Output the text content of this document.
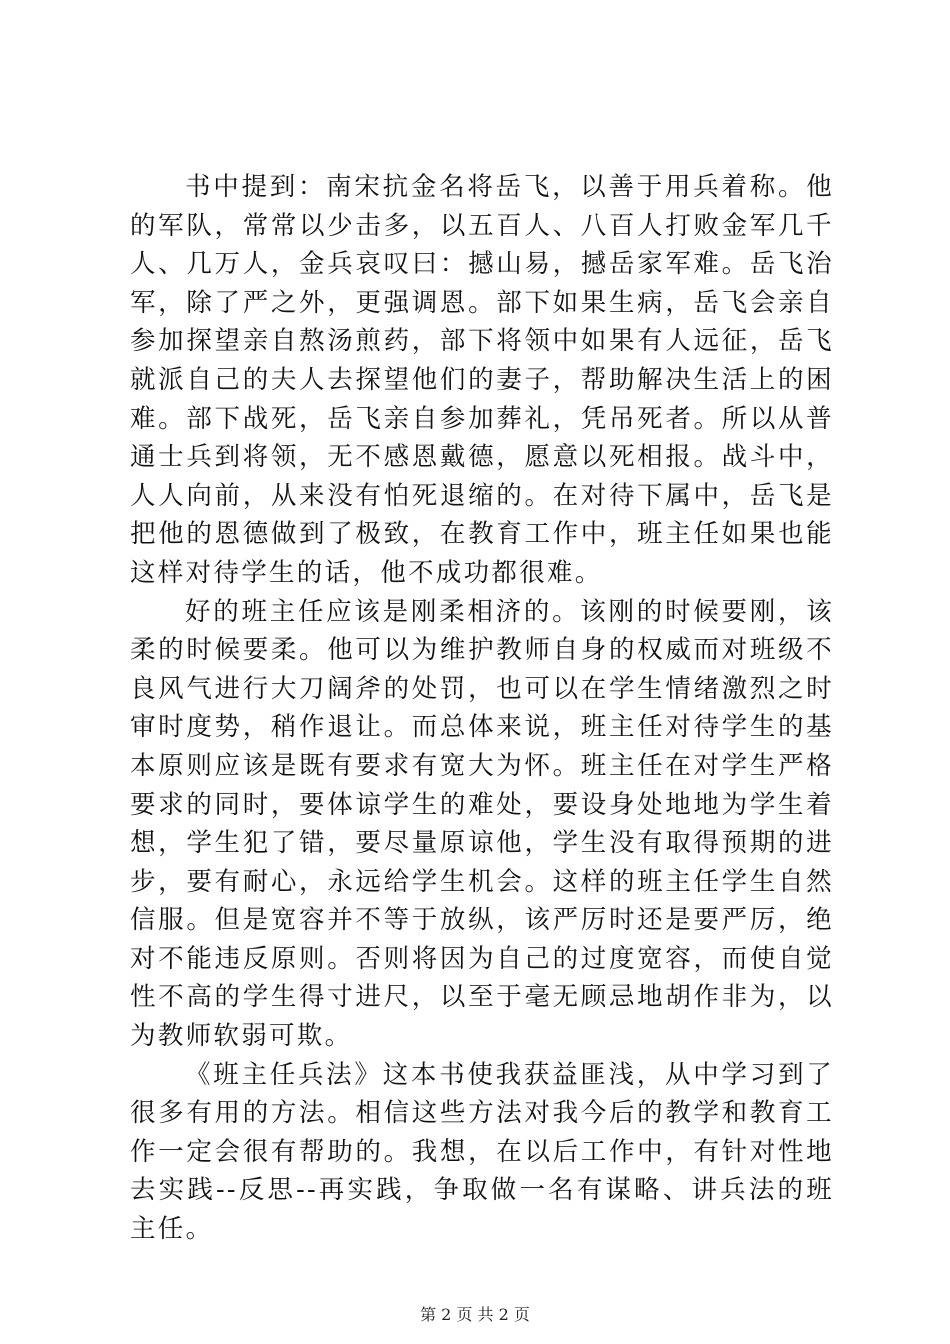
书中提到：南宋抗金名将岳飞，以善于用兵着称。他的军队，常常以少击多，以五百人、八百人打败金军几千人、几万人，金兵哀叹曰：撼山易，撼岳家军难。岳飞治军，除了严之外，更强调恩。部下如果生病，岳飞会亲自参加探望亲自熬汤煎药，部下将领中如果有人远征，岳飞就派自己的夫人去探望他们的妻子，帮助解决生活上的困难。部下战死，岳飞亲自参加葬礼，凭吊死者。所以从普通士兵到将领，无不感恩戴德，愿意以死相报。战斗中，人人向前，从来没有怕死退缩的。在对待下属中，岳飞是把他的恩德做到了极致，在教育工作中，班主任如果也能这样对待学生的话，他不成功都很难。

好的班主任应该是刚柔相济的。该刚的时候要刚，该柔的时候要柔。他可以为维护教师自身的权威而对班级不良风气进行大刀阔斧的处罚，也可以在学生情绪激烈之时审时度势，稍作退让。而总体来说，班主任对待学生的基本原则应该是既有要求有宽大为怀。班主任在对学生严格要求的同时，要体谅学生的难处，要设身处地地为学生着想，学生犯了错，要尽量原谅他，学生没有取得预期的进步，要有耐心，永远给学生机会。这样的班主任学生自然信服。但是宽容并不等于放纵，该严厉时还是要严厉，绝对不能违反原则。否则将因为自己的过度宽容，而使自觉性不高的学生得寸进尺，以至于毫无顾忌地胡作非为，以为教师软弱可欺。

《班主任兵法》这本书使我获益匪浅，从中学习到了很多有用的方法。相信这些方法对我今后的教学和教育工作一定会很有帮助的。我想，在以后工作中，有针对性地去实践--反思--再实践，争取做一名有谋略、讲兵法的班主任。

第 2 页 共 2 页
